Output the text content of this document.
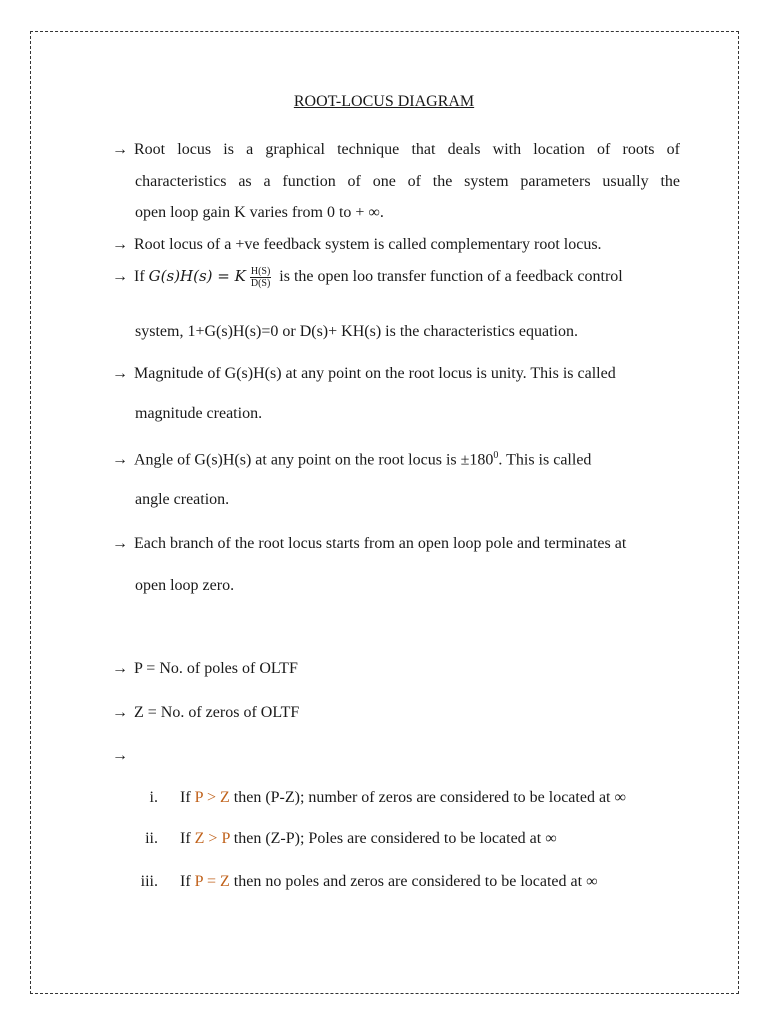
ROOT-LOCUS DIAGRAM
→ Root locus is a graphical technique that deals with location of roots of
characteristics as a function of one of the system parameters usually the
open loop gain K varies from 0 to + ∞.
→ Root locus of a +ve feedback system is called complementary root locus.
→ If G(s)H(s) = K $\frac{H(S)}{D(S)}$ is the open loo transfer function of a feedback control
system, 1+G(s)H(s)=0 or D(s)+ KH(s) is the characteristics equation.
→ Magnitude of G(s)H(s) at any point on the root locus is unity. This is called
magnitude creation.
→ Angle of G(s)H(s) at any point on the root locus is $\pm 180^0$. This is called
angle creation.
→ Each branch of the root locus starts from an open loop pole and terminates at
open loop zero.
→ P = No. of poles of OLTF
→ Z = No. of zeros of OLTF
→
i. If P > Z then (P-Z); number of zeros are considered to be located at ∞
ii. If Z > P then (Z-P); Poles are considered to be located at ∞
iii. If P = Z then no poles and zeros are considered to be located at ∞
